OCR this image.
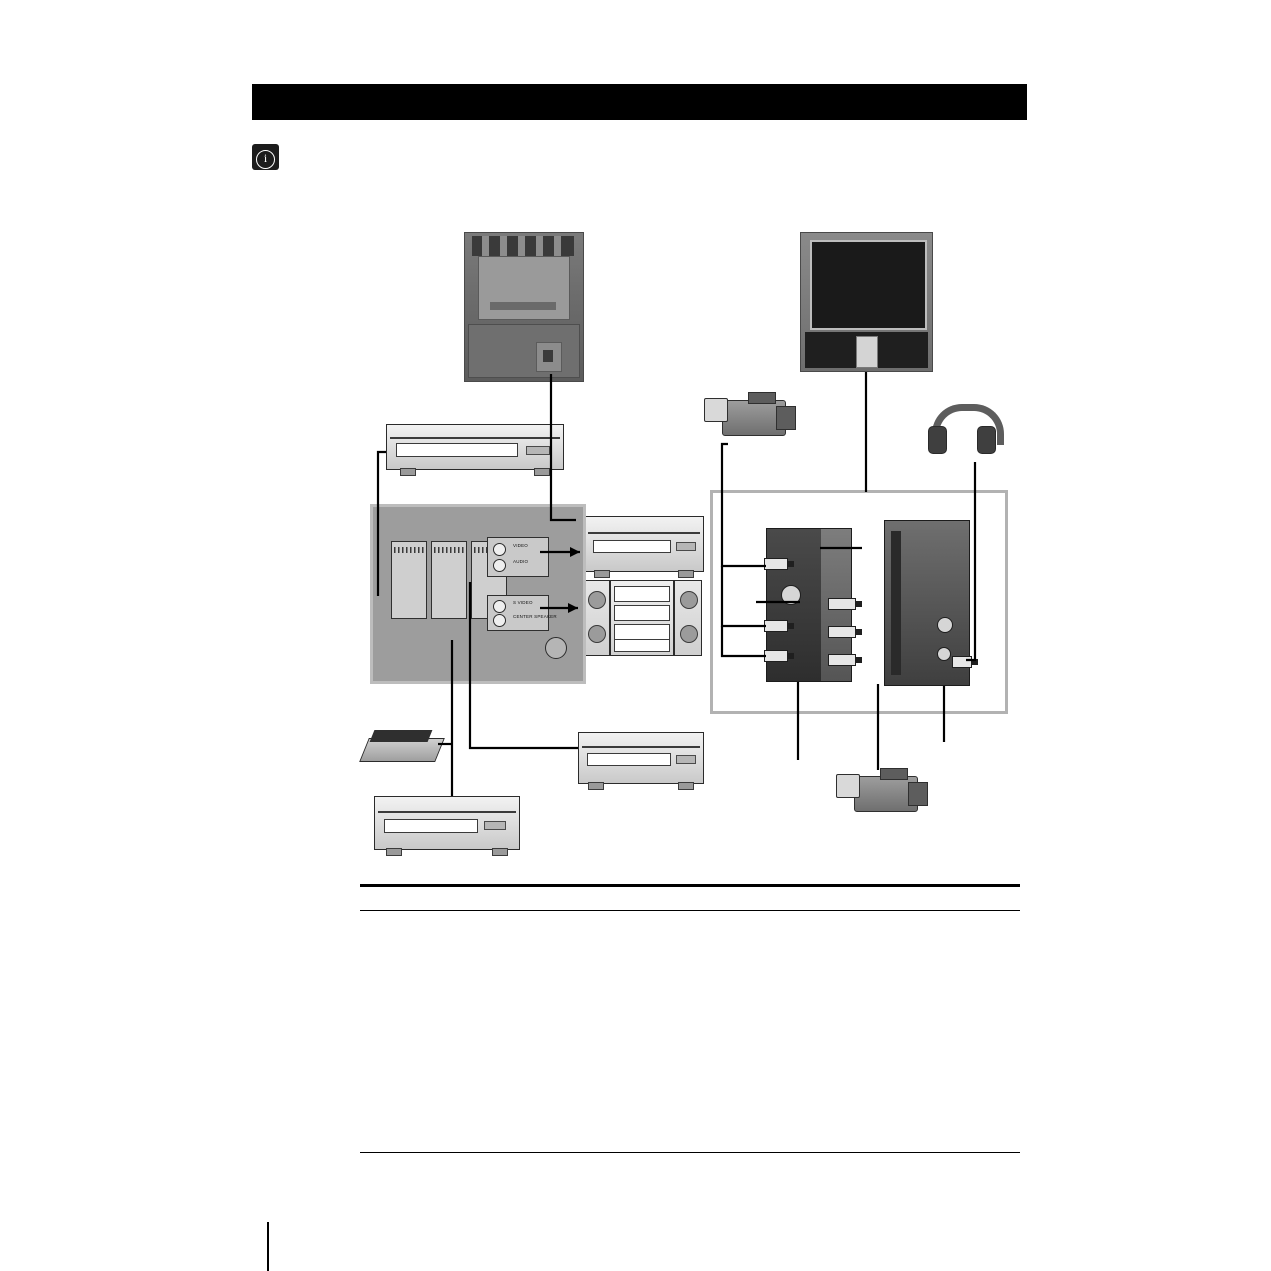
i
VIDEO
AUDIO
S VIDEO
CENTER SPEAKER
